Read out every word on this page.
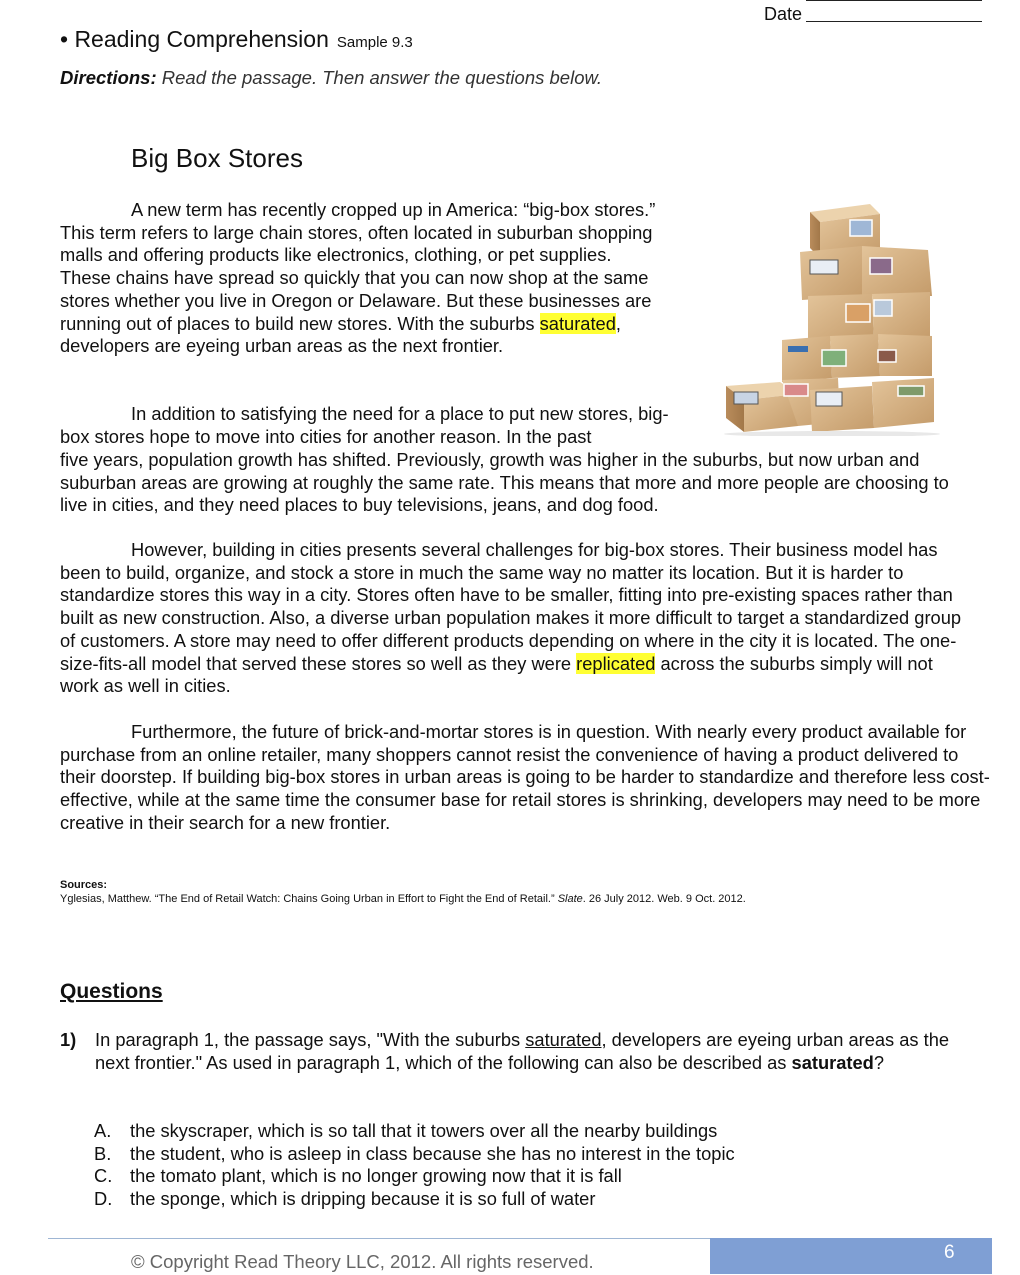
Date
• Reading Comprehension Sample 9.3
Directions: Read the passage. Then answer the questions below.
Big Box Stores

A new term has recently cropped up in America: “big-box stores.” This term refers to large chain stores, often located in suburban shopping malls and offering products like electronics, clothing, or pet supplies. These chains have spread so quickly that you can now shop at the same stores whether you live in Oregon or Delaware. But these businesses are running out of places to build new stores. With the suburbs saturated, developers are eyeing urban areas as the next frontier.

In addition to satisfying the need for a place to put new stores, big-box stores hope to move into cities for another reason. In the past

five years, population growth has shifted. Previously, growth was higher in the suburbs, but now urban and suburban areas are growing at roughly the same rate. This means that more and more people are choosing to live in cities, and they need places to buy televisions, jeans, and dog food.

However, building in cities presents several challenges for big-box stores. Their business model has been to build, organize, and stock a store in much the same way no matter its location. But it is harder to standardize stores this way in a city. Stores often have to be smaller, fitting into pre-existing spaces rather than built as new construction. Also, a diverse urban population makes it more difficult to target a standardized group of customers. A store may need to offer different products depending on where in the city it is located. The one-size-fits-all model that served these stores so well as they were replicated across the suburbs simply will not work as well in cities.

Furthermore, the future of brick-and-mortar stores is in question. With nearly every product available for purchase from an online retailer, many shoppers cannot resist the convenience of having a product delivered to their doorstep. If building big-box stores in urban areas is going to be harder to standardize and therefore less cost-effective, while at the same time the consumer base for retail stores is shrinking, developers may need to be more creative in their search for a new frontier.

Sources:
Yglesias, Matthew. “The End of Retail Watch: Chains Going Urban in Effort to Fight the End of Retail.” Slate. 26 July 2012. Web. 9 Oct. 2012.
Questions
1) In paragraph 1, the passage says, "With the suburbs saturated, developers are eyeing urban areas as the next frontier." As used in paragraph 1, which of the following can also be described as saturated?
A. the skyscraper, which is so tall that it towers over all the nearby buildings
B. the student, who is asleep in class because she has no interest in the topic
C. the tomato plant, which is no longer growing now that it is fall
D. the sponge, which is dripping because it is so full of water
© Copyright Read Theory LLC, 2012. All rights reserved.	6
